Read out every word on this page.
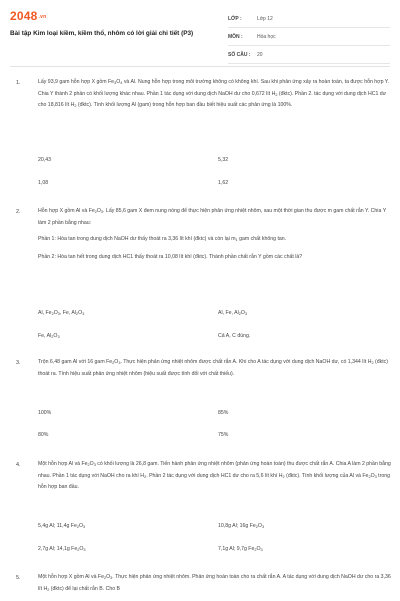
2048.vn
Bài tập Kim loại kiềm, kiềm thổ, nhôm có lời giải chi tiết (P3)
LỚP :	Lớp 12
MÔN :	Hóa học
SỐ CÂU :	20
1.	Lấy 93,9 gam hỗn hợp X gồm $Fe_3O_4$ và Al. Nung hỗn hợp trong môi trường không có không khí. Sau khi phản ứng xảy ra hoàn toàn, ta được hỗn hợp Y. Chia Y thành 2 phần có khối lượng khác nhau. Phần 1 tác dụng với dung dịch NaOH dư cho 0,672 lít $H_2$ (đktc). Phần 2. tác dụng với dung dịch HC1 dư cho 18,816 lít $H_2$ (đktc). Tính khối lượng Al (gam) trong hỗn hợp ban đầu biết hiệu suất các phản ứng là 100%.

20,43	5,32
1,08	1,62
2.	Hỗn hợp X gồm Al và $Fe_2O_3$. Lấy 85,6 gam X đem nung nóng để thực hiện phản ứng nhiệt nhôm, sau một thời gian thu được m gam chất rắn Y. Chia Y làm 2 phần bằng nhau:

Phần 1: Hòa tan trong dung dịch NaOH dư thấy thoát ra 3,36 lít khí (đktc) và còn lại $m_1$ gam chất không tan.

Phần 2: Hòa tan hết trong dung dịch HC1 thấy thoát ra 10,08 lít khí (đktc). Thành phần chất rắn Y gồm các chất là?

Al, $Fe_2O_3$, Fe, $Al_2O_3$	Al, Fe, $Al_2O_3$
Fe, $Al_2O_3$	Cả A, C đúng.
3.	Trộn 6,48 gam Al với 16 gam $Fe_2O_3$. Thực hiện phản ứng nhiệt nhôm được chất rắn A. Khi cho A tác dụng với dung dịch NaOH dư, có 1,344 lít $H_2$ (đktc) thoát ra. Tính hiệu suất phản ứng nhiệt nhôm (hiệu suất được tính đối với chất thiếu).

100%	85%
80%	75%
4.	Một hỗn hợp Al và $Fe_2O_3$ có khối lượng là 26,8 gam. Tiến hành phản ứng nhiệt nhôm (phản ứng hoàn toàn) thu được chất rắn A. Chia A làm 2 phần bằng nhau. Phần 1 tác dụng với NaOH cho ra khí $H_2$. Phần 2 tác dụng với dung dịch HC1 dư cho ra 5,6 lít khí $H_2$ (đktc). Tính khối lượng của Al và $Fe_2O_3$ trong hỗn hợp ban đầu.

5,4g Al; 11,4g $Fe_2O_3$	10,8g Al; 16g $Fe_2O_3$
2,7g Al; 14,1g $Fe_2O_3$	7,1g Al; 9,7g $Fe_2O_3$
5.	Một hỗn hợp X gồm Al và $Fe_2O_3$. Thực hiện phản ứng nhiệt nhôm. Phản ứng hoàn toàn cho ra chất rắn A. A tác dụng với dung dịch NaOH dư cho ra 3,36 lít $H_2$ (đktc) để lại chất rắn B. Cho B
